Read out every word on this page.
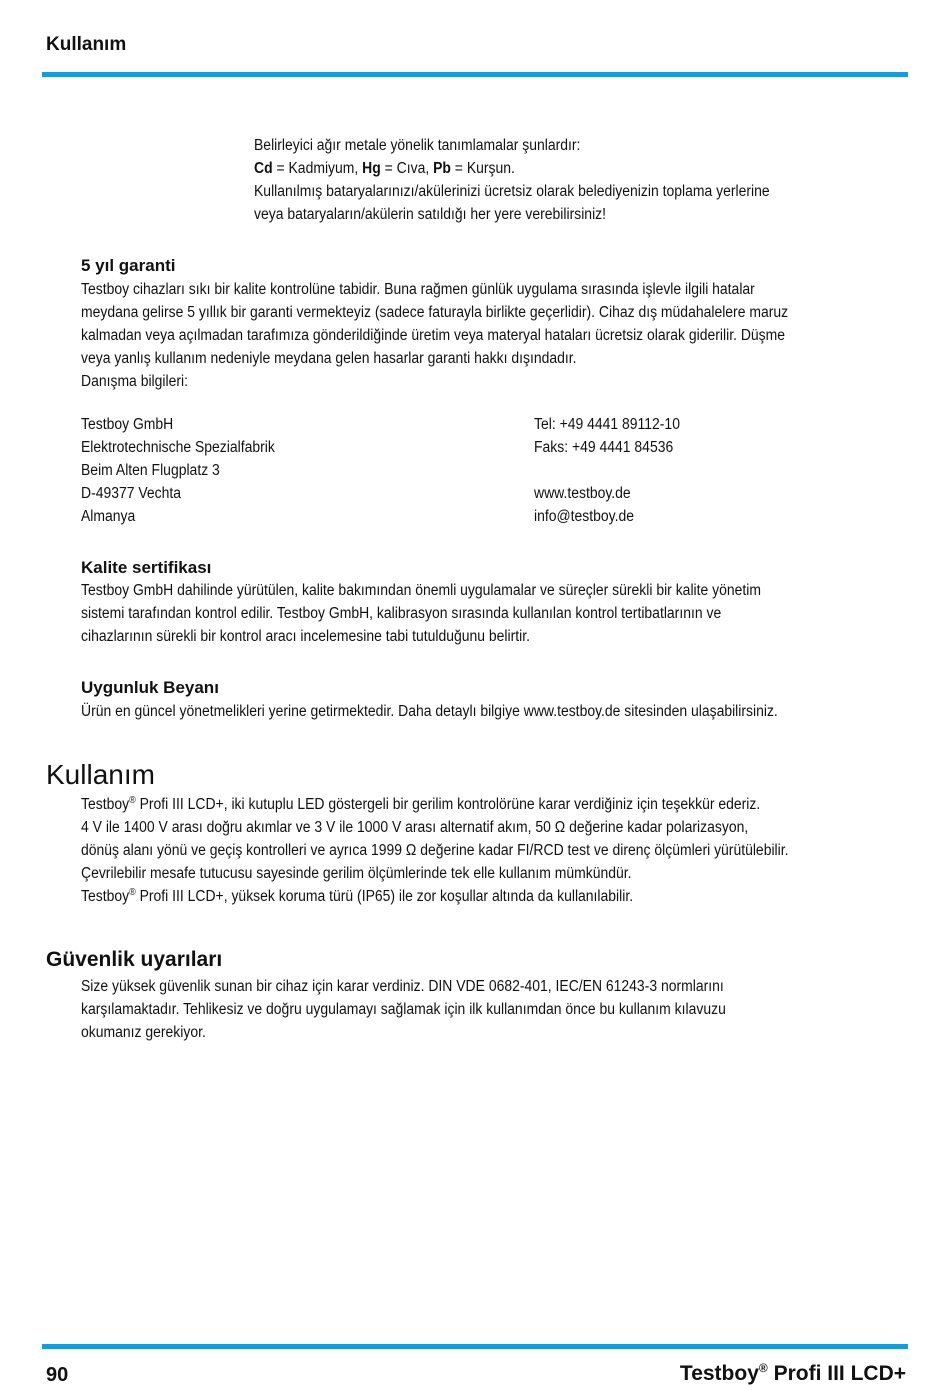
Kullanım
Belirleyici ağır metale yönelik tanımlamalar şunlardır:
Cd = Kadmiyum, Hg = Cıva, Pb = Kurşun.
Kullanılmış bataryalarınızı/akülerinizi ücretsiz olarak belediyenizin toplama yerlerine
veya bataryaların/akülerin satıldığı her yere verebilirsiniz!
5 yıl garanti
Testboy cihazları sıkı bir kalite kontrolüne tabidir. Buna rağmen günlük uygulama sırasında işlevle ilgili hatalar
meydana gelirse 5 yıllık bir garanti vermekteyiz (sadece faturayla birlikte geçerlidir). Cihaz dış müdahalelere maruz
kalmadan veya açılmadan tarafımıza gönderildiğinde üretim veya materyal hataları ücretsiz olarak giderilir. Düşme
veya yanlış kullanım nedeniyle meydana gelen hasarlar garanti hakkı dışındadır.
Danışma bilgileri:
Testboy GmbH
Elektrotechnische Spezialfabrik
Beim Alten Flugplatz 3
D-49377 Vechta
Almanya
Tel: +49 4441 89112-10
Faks: +49 4441 84536

www.testboy.de
info@testboy.de
Kalite sertifikası
Testboy GmbH dahilinde yürütülen, kalite bakımından önemli uygulamalar ve süreçler sürekli bir kalite yönetim
sistemi tarafından kontrol edilir. Testboy GmbH, kalibrasyon sırasında kullanılan kontrol tertibatlarının ve
cihazlarının sürekli bir kontrol aracı incelemesine tabi tutulduğunu belirtir.
Uygunluk Beyanı
Ürün en güncel yönetmelikleri yerine getirmektedir. Daha detaylı bilgiye www.testboy.de sitesinden ulaşabilirsiniz.
Kullanım
Testboy® Profi III LCD+, iki kutuplu LED göstergeli bir gerilim kontrolörüne karar verdiğiniz için teşekkür ederiz.
4 V ile 1400 V arası doğru akımlar ve 3 V ile 1000 V arası alternatif akım, 50 Ω değerine kadar polarizasyon,
dönüş alanı yönü ve geçiş kontrolleri ve ayrıca 1999 Ω değerine kadar FI/RCD test ve direnç ölçümleri yürütülebilir.
Çevrilebilir mesafe tutucusu sayesinde gerilim ölçümlerinde tek elle kullanım mümkündür.
Testboy® Profi III LCD+, yüksek koruma türü (IP65) ile zor koşullar altında da kullanılabilir.
Güvenlik uyarıları
Size yüksek güvenlik sunan bir cihaz için karar verdiniz. DIN VDE 0682-401, IEC/EN 61243-3 normlarını
karşılamaktadır. Tehlikesiz ve doğru uygulamayı sağlamak için ilk kullanımdan önce bu kullanım kılavuzu
okumanız gerekiyor.
90	Testboy® Profi III LCD+
